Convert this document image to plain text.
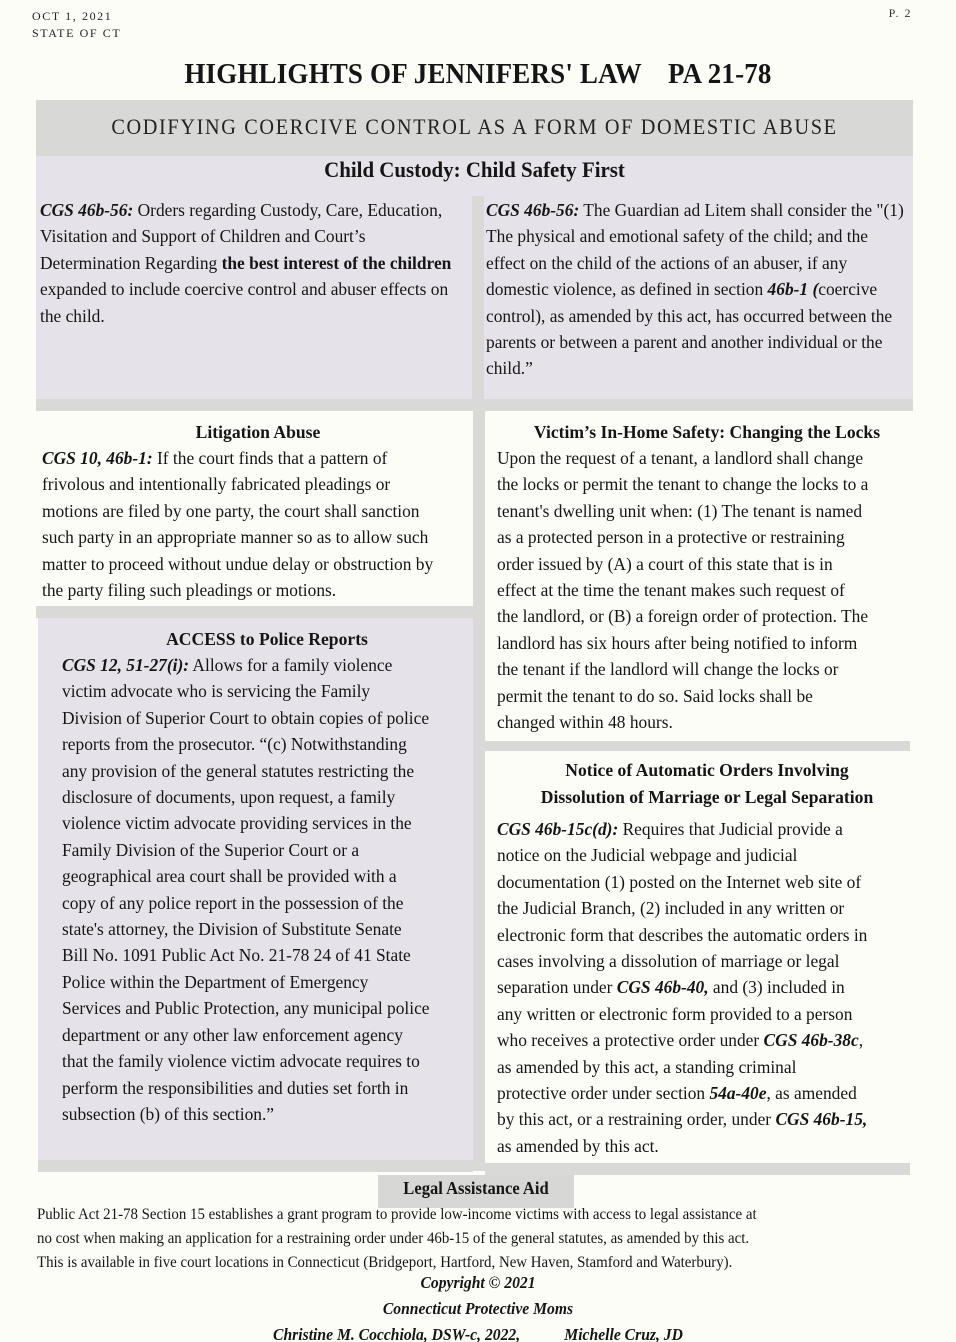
OCT 1, 2021
STATE OF CT
P. 2
HIGHLIGHTS OF JENNIFERS' LAW PA 21-78
CODIFYING COERCIVE CONTROL AS A FORM OF DOMESTIC ABUSE
Child Custody: Child Safety First
CGS 46b-56: Orders regarding Custody, Care, Education, Visitation and Support of Children and Court’s Determination Regarding the best interest of the children expanded to include coercive control and abuser effects on the child.
CGS 46b-56: The Guardian ad Litem shall consider the "(1) The physical and emotional safety of the child; and the effect on the child of the actions of an abuser, if any domestic violence, as defined in section 46b-1 (coercive control), as amended by this act, has occurred between the parents or between a parent and another individual or the child.”
Litigation Abuse
CGS 10, 46b-1: If the court finds that a pattern of
frivolous and intentionally fabricated pleadings or
motions are filed by one party, the court shall sanction
such party in an appropriate manner so as to allow such
matter to proceed without undue delay or obstruction by
the party filing such pleadings or motions.
Victim’s In-Home Safety: Changing the Locks
Upon the request of a tenant, a landlord shall change
the locks or permit the tenant to change the locks to a
tenant's dwelling unit when: (1) The tenant is named
as a protected person in a protective or restraining
order issued by (A) a court of this state that is in
effect at the time the tenant makes such request of
the landlord, or (B) a foreign order of protection. The
landlord has six hours after being notified to inform
the tenant if the landlord will change the locks or
permit the tenant to do so. Said locks shall be
changed within 48 hours.
ACCESS to Police Reports
CGS 12, 51-27(i): Allows for a family violence
victim advocate who is servicing the Family
Division of Superior Court to obtain copies of police
reports from the prosecutor. “(c) Notwithstanding
any provision of the general statutes restricting the
disclosure of documents, upon request, a family
violence victim advocate providing services in the
Family Division of the Superior Court or a
geographical area court shall be provided with a
copy of any police report in the possession of the
state's attorney, the Division of Substitute Senate
Bill No. 1091 Public Act No. 21-78 24 of 41 State
Police within the Department of Emergency
Services and Public Protection, any municipal police
department or any other law enforcement agency
that the family violence victim advocate requires to
perform the responsibilities and duties set forth in
subsection (b) of this section.”
Notice of Automatic Orders Involving
Dissolution of Marriage or Legal Separation
CGS 46b-15c(d): Requires that Judicial provide a
notice on the Judicial webpage and judicial
documentation (1) posted on the Internet web site of
the Judicial Branch, (2) included in any written or
electronic form that describes the automatic orders in
cases involving a dissolution of marriage or legal
separation under CGS 46b-40, and (3) included in
any written or electronic form provided to a person
who receives a protective order under CGS 46b-38c,
as amended by this act, a standing criminal
protective order under section 54a-40e, as amended
by this act, or a restraining order, under CGS 46b-15,
as amended by this act.
Legal Assistance Aid
Public Act 21-78 Section 15 establishes a grant program to provide low-income victims with access to legal assistance at
no cost when making an application for a restraining order under 46b-15 of the general statutes, as amended by this act.
This is available in five court locations in Connecticut (Bridgeport, Hartford, New Haven, Stamford and Waterbury).
Copyright © 2021
Connecticut Protective Moms
Christine M. Cocchiola, DSW-c, 2022,	Michelle Cruz, JD
